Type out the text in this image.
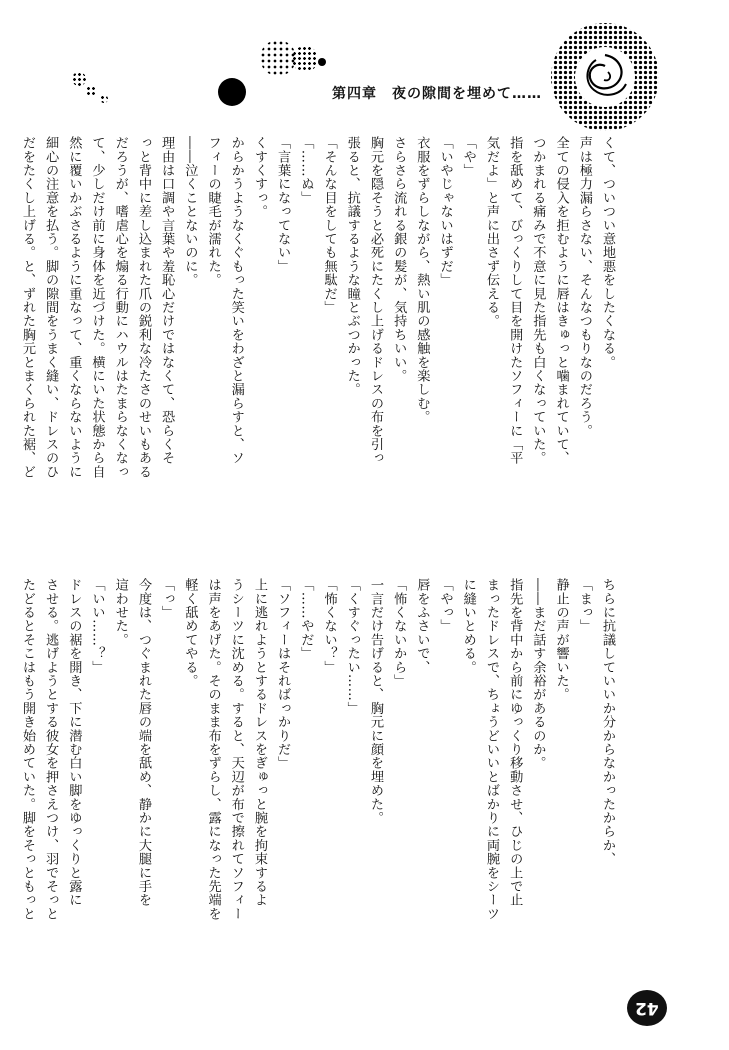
第四章　夜の隙間を埋めて……
くて、ついつい意地悪をしたくなる。
声は極力漏らさない、そんなつもりなのだろう。
全ての侵入を拒むように唇はきゅっと噛まれていて、
つかまれる痛みで不意に見た指先も白くなっていた。
指を舐めて、びっくりして目を開けたソフィーに「平
気だよ」と声に出さず伝える。
「や」
「いやじゃないはずだ」
衣服をずらしながら、熱い肌の感触を楽しむ。
さらさら流れる銀の髪が、気持ちいい。
胸元を隠そうと必死にたくし上げるドレスの布を引っ
張ると、抗議するような瞳とぶつかった。
「そんな目をしても無駄だ」
「……ぬ」
「言葉になってない」
くすくすっ。
からかうようなくぐもった笑いをわざと漏らすと、ソ
フィーの睫毛が濡れた。
――泣くことないのに。
理由は口調や言葉や羞恥心だけではなくて、恐らくそ
っと背中に差し込まれた爪の鋭利な冷たさのせいもある
だろうが、嗜虐心を煽る行動にハウルはたまらなくなっ
て、少しだけ前に身体を近づけた。横にいた状態から自
然に覆いかぶさるように重なって、重くならないように
細心の注意を払う。脚の隙間をうまく縫い、ドレスのひ
だをたくし上げる。と、ずれた胸元とまくられた裾、ど
ちらに抗議していいか分からなかったからか、
「まっ」
静止の声が響いた。
――まだ話す余裕があるのか。
指先を背中から前にゆっくり移動させ、ひじの上で止
まったドレスで、ちょうどいいとばかりに両腕をシーツ
に縫いとめる。
「やっ」
唇をふさいで、
「怖くないから」
一言だけ告げると、胸元に顔を埋めた。
「くすぐったい……」
「怖くない？」
「……やだ」
「ソフィーはそればっかりだ」
上に逃れようとするドレスをぎゅっと腕を拘束するよ
うシーツに沈める。すると、天辺が布で擦れてソフィー
は声をあげた。そのまま布をずらし、露になった先端を
軽く舐めてやる。
「っ」
今度は、つぐまれた唇の端を舐め、静かに大腿に手を
這わせた。
「いい……？」
ドレスの裾を開き、下に潜む白い脚をゆっくりと露に
させる。逃げようとする彼女を押さえつけ、羽でそっと
たどるとそこはもう開き始めていた。脚をそっともっと
42
